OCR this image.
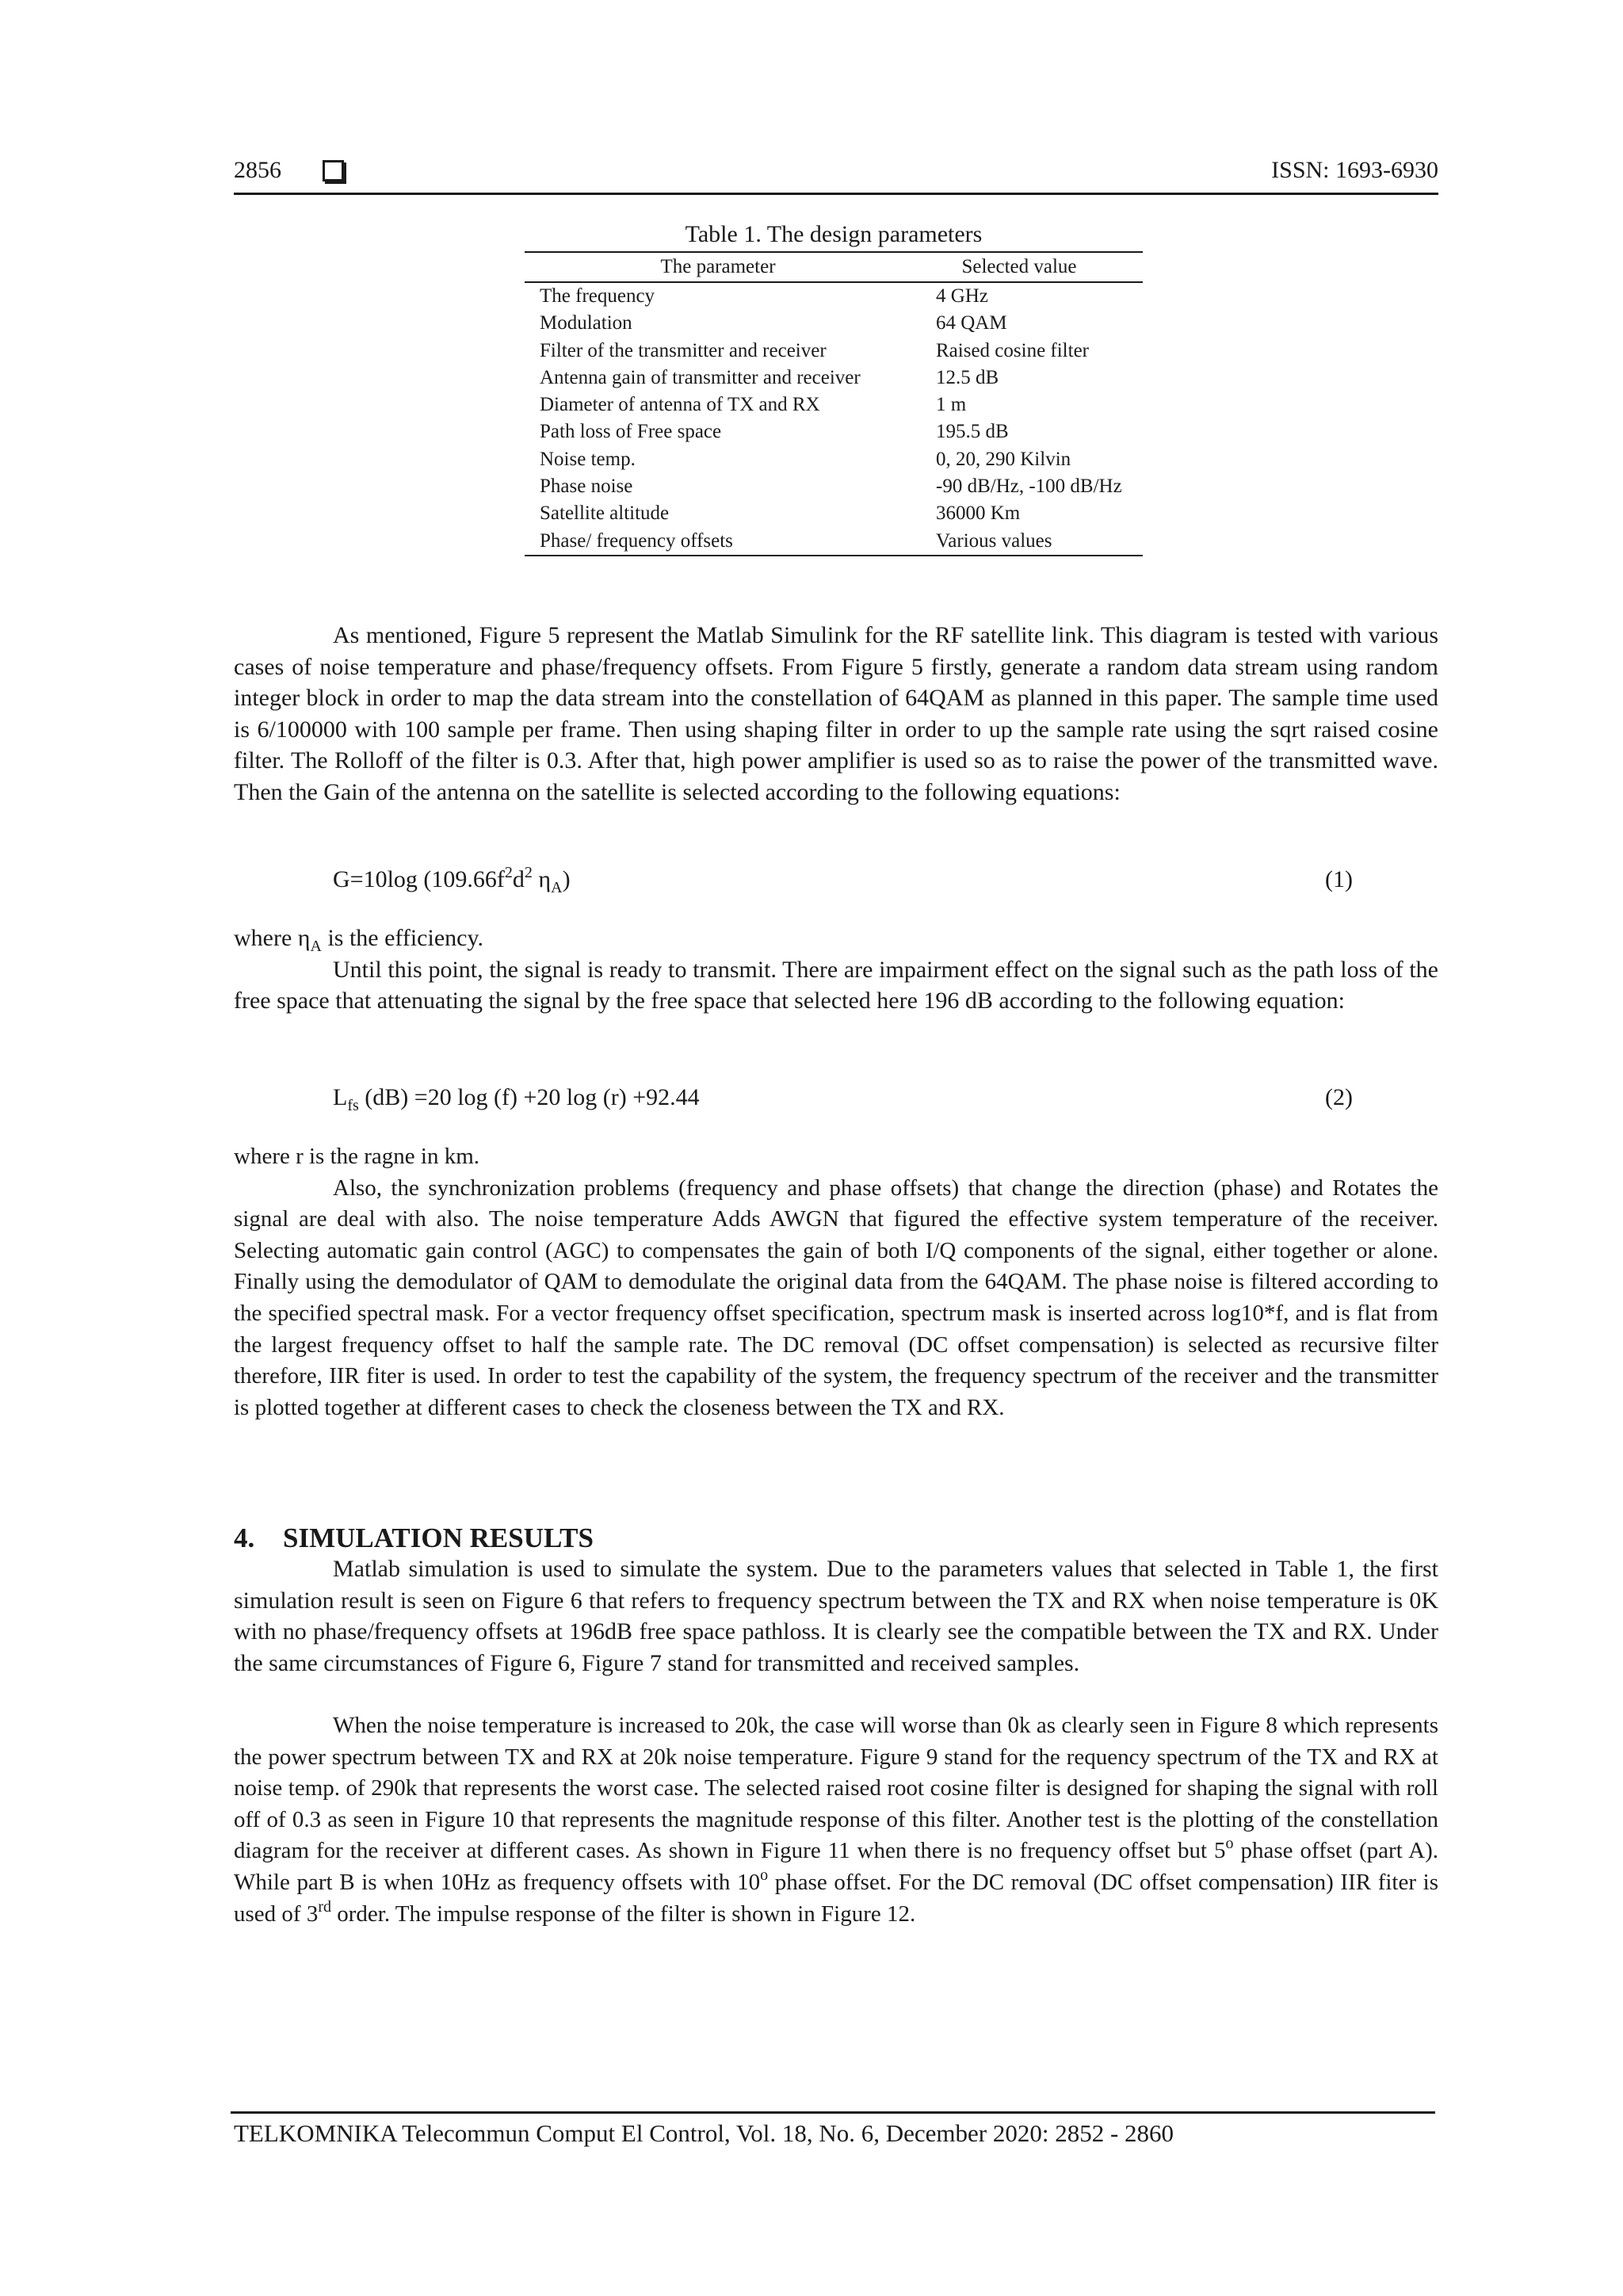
2856	ISSN: 1693-6930
Table 1. The design parameters
The parameter	Selected value
The frequency	4 GHz
Modulation	64 QAM
Filter of the transmitter and receiver	Raised cosine filter
Antenna gain of transmitter and receiver	12.5 dB
Diameter of antenna of TX and RX	1 m
Path loss of Free space	195.5 dB
Noise temp.	0, 20, 290 Kilvin
Phase noise	-90 dB/Hz, -100 dB/Hz
Satellite altitude	36000 Km
Phase/ frequency offsets	Various values

As mentioned, Figure 5 represent the Matlab Simulink for the RF satellite link. This diagram is tested with various cases of noise temperature and phase/frequency offsets. From Figure 5 firstly, generate a random data stream using random integer block in order to map the data stream into the constellation of 64QAM as planned in this paper. The sample time used is 6/100000 with 100 sample per frame. Then using shaping filter in order to up the sample rate using the sqrt raised cosine filter. The Rolloff of the filter is 0.3. After that, high power amplifier is used so as to raise the power of the transmitted wave. Then the Gain of the antenna on the satellite is selected according to the following equations:

G=10log ($109.66f^2d^2$ $\eta_A$)	(1)

where $\eta_A$ is the efficiency.
Until this point, the signal is ready to transmit. There are impairment effect on the signal such as the path loss of the free space that attenuating the signal by the free space that selected here 196 dB according to the following equation:

$L_{fs}$ (dB) =20 log (f) +20 log (r) +92.44	(2)

where r is the ragne in km.
Also, the synchronization problems (frequency and phase offsets) that change the direction (phase) and Rotates the signal are deal with also. The noise temperature Adds AWGN that figured the effective system temperature of the receiver. Selecting automatic gain control (AGC) to compensates the gain of both I/Q components of the signal, either together or alone. Finally using the demodulator of QAM to demodulate the original data from the 64QAM. The phase noise is filtered according to the specified spectral mask. For a vector frequency offset specification, spectrum mask is inserted across log10*f, and is flat from the largest frequency offset to half the sample rate. The DC removal (DC offset compensation) is selected as recursive filter therefore, IIR fiter is used. In order to test the capability of the system, the frequency spectrum of the receiver and the transmitter is plotted together at different cases to check the closeness between the TX and RX.

4. SIMULATION RESULTS

Matlab simulation is used to simulate the system. Due to the parameters values that selected in Table 1, the first simulation result is seen on Figure 6 that refers to frequency spectrum between the TX and RX when noise temperature is 0K with no phase/frequency offsets at 196dB free space pathloss. It is clearly see the compatible between the TX and RX. Under the same circumstances of Figure 6, Figure 7 stand for transmitted and received samples.

When the noise temperature is increased to 20k, the case will worse than 0k as clearly seen in Figure 8 which represents the power spectrum between TX and RX at 20k noise temperature. Figure 9 stand for the requency spectrum of the TX and RX at noise temp. of 290k that represents the worst case. The selected raised root cosine filter is designed for shaping the signal with roll off of 0.3 as seen in Figure 10 that represents the magnitude response of this filter. Another test is the plotting of the constellation diagram for the receiver at different cases. As shown in Figure 11 when there is no frequency offset but 5$^o$ phase offset (part A). While part B is when 10Hz as frequency offsets with 10$^o$ phase offset. For the DC removal (DC offset compensation) IIR fiter is used of 3rd order. The impulse response of the filter is shown in Figure 12.

TELKOMNIKA Telecommun Comput El Control, Vol. 18, No. 6, December 2020: 2852 - 2860
